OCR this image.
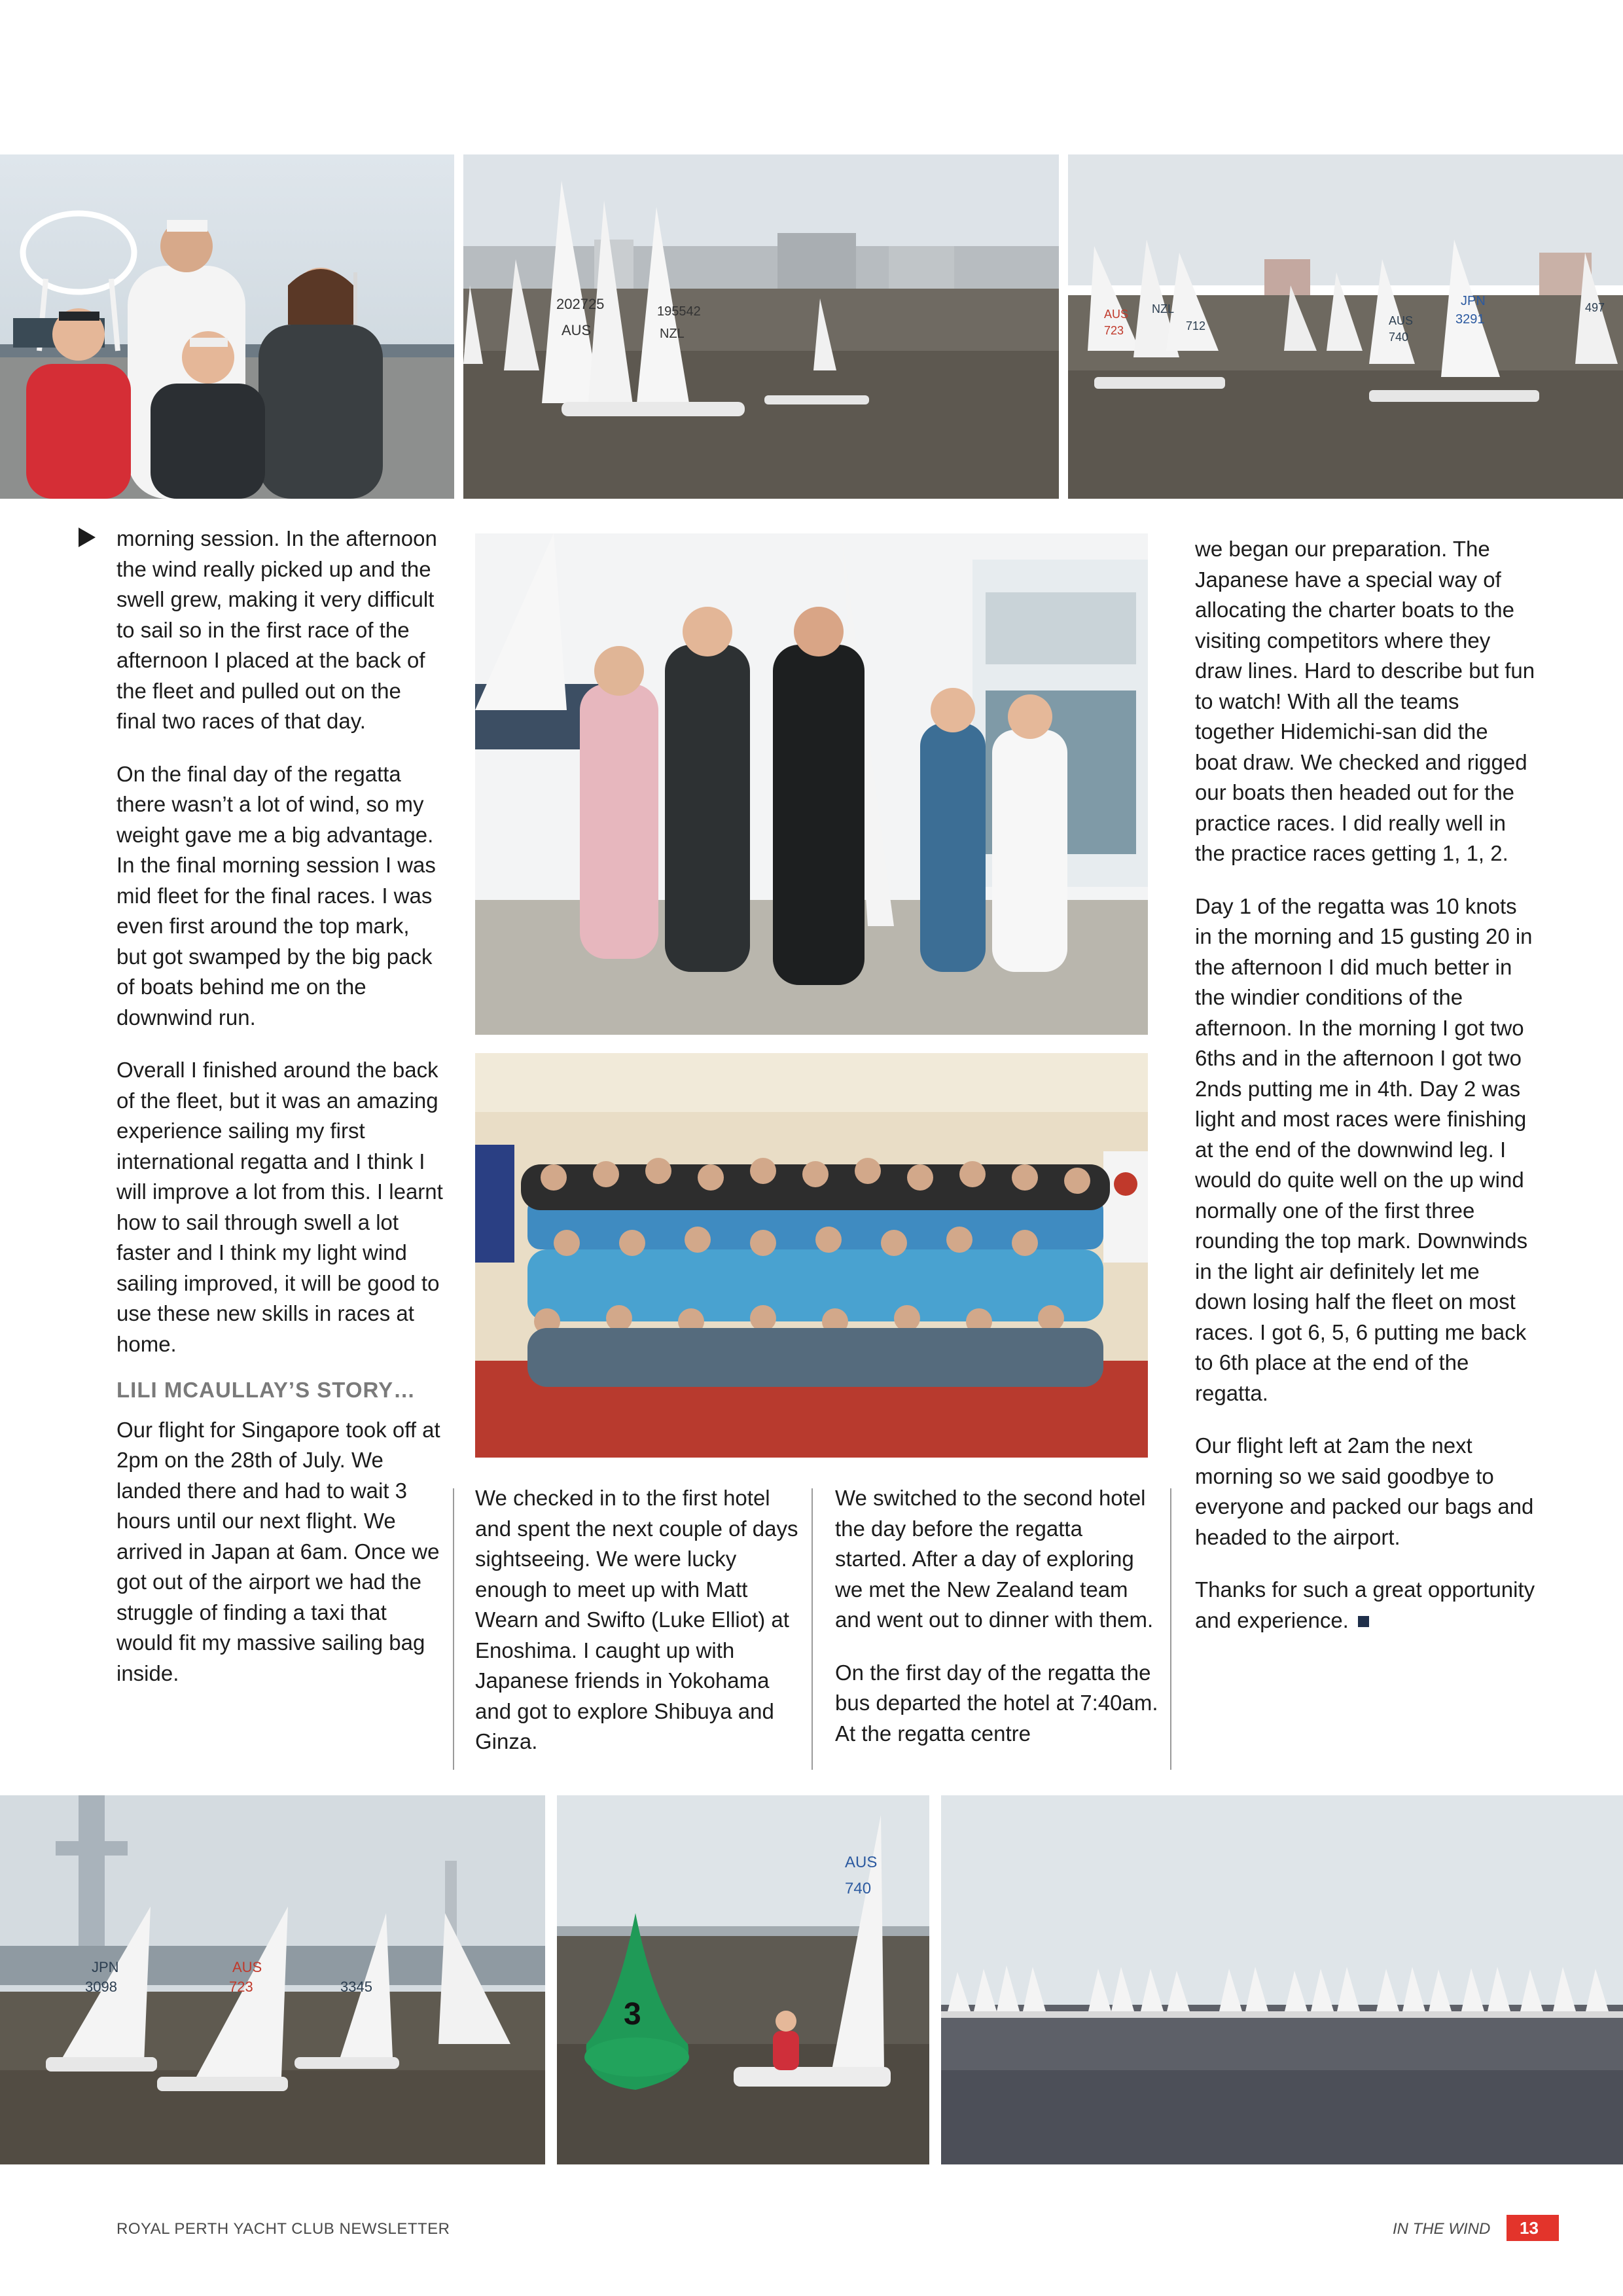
202725
AUS
195542
NZL
AUS
723
NZL
712	AUS
740
JPN
3291
497
JPN
3098
AUS
723	3345
3
AUS
740

morning session. In the afternoon the wind really picked up and the swell grew, making it very difficult to sail so in the first race of the afternoon I placed at the back of the fleet and pulled out on the final two races of that day.

On the final day of the regatta there wasn’t a lot of wind, so my weight gave me a big advantage. In the final morning session I was mid fleet for the final races. I was even first around the top mark, but got swamped by the big pack of boats behind me on the downwind run.

Overall I finished around the back of the fleet, but it was an amazing experience sailing my first international regatta and I think I will improve a lot from this. I learnt how to sail through swell a lot faster and I think my light wind sailing improved, it will be good to use these new skills in races at home.

LILI MCAULLAY’S STORY…

Our flight for Singapore took off at 2pm on the 28th of July. We landed there and had to wait 3 hours until our next flight. We arrived in Japan at 6am. Once we got out of the airport we had the struggle of finding a taxi that would fit my massive sailing bag inside.

We checked in to the first hotel and spent the next couple of days sightseeing. We were lucky enough to meet up with Matt Wearn and Swifto (Luke Elliot) at Enoshima. I caught up with Japanese friends in Yokohama and got to explore Shibuya and Ginza.

We switched to the second hotel the day before the regatta started. After a day of exploring we met the New Zealand team and went out to dinner with them.

On the first day of the regatta the bus departed the hotel at 7:40am. At the regatta centre

we began our preparation. The Japanese have a special way of allocating the charter boats to the visiting competitors where they draw lines. Hard to describe but fun to watch! With all the teams together Hidemichi-san did the boat draw. We checked and rigged our boats then headed out for the practice races. I did really well in the practice races getting 1, 1, 2.

Day 1 of the regatta was 10 knots in the morning and 15 gusting 20 in the afternoon I did much better in the windier conditions of the afternoon. In the morning I got two 6ths and in the afternoon I got two 2nds putting me in 4th. Day 2 was light and most races were finishing at the end of the downwind leg. I would do quite well on the up wind normally one of the first three rounding the top mark. Downwinds in the light air definitely let me down losing half the fleet on most races. I got 6, 5, 6 putting me back to 6th place at the end of the regatta.

Our flight left at 2am the next morning so we said goodbye to everyone and packed our bags and headed to the airport.

Thanks for such a great opportunity and experience.

ROYAL PERTH YACHT CLUB NEWSLETTER	IN THE WIND	13
